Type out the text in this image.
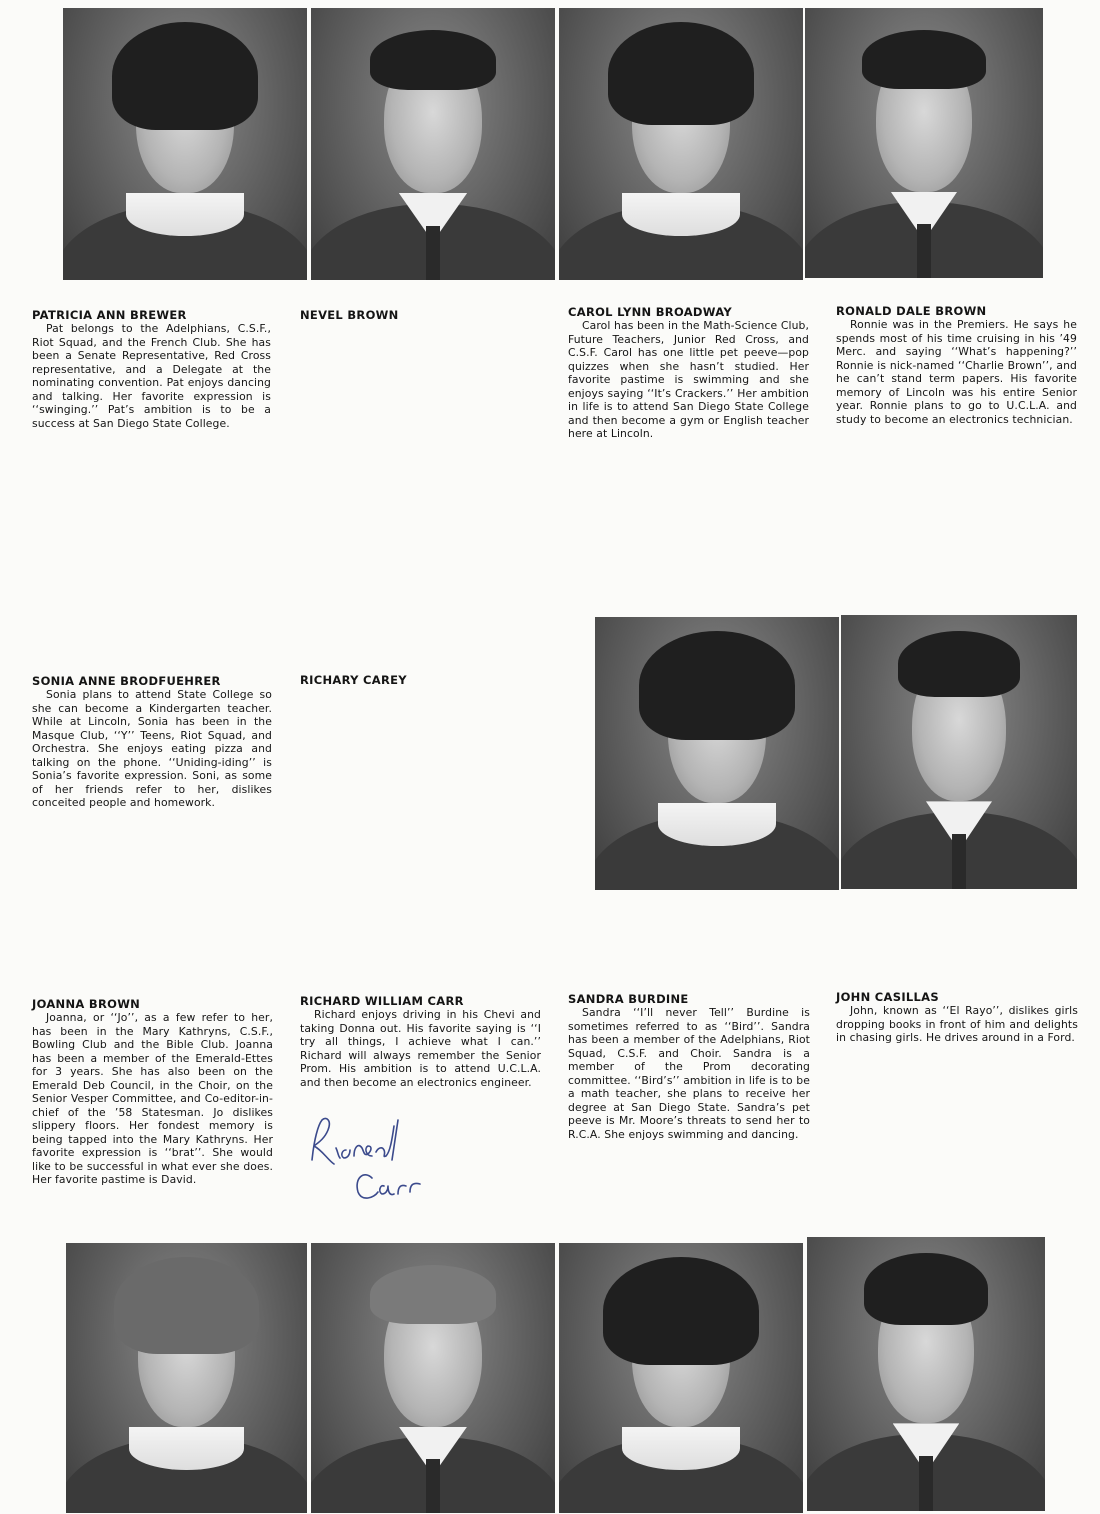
PATRICIA ANN BREWER

Pat belongs to the Adelphians, C.S.F., Riot Squad, and the French Club. She has been a Senate Representative, Red Cross representative, and a Delegate at the nominating convention. Pat enjoys dancing and talking. Her favorite expression is ‘‘swinging.’’ Pat’s ambition is to be a success at San Diego State College.

NEVEL BROWN	CAROL LYNN BROADWAY

Carol has been in the Math-Science Club, Future Teachers, Junior Red Cross, and C.S.F. Carol has one little pet peeve—pop quizzes when she hasn’t studied. Her favorite pastime is swimming and she enjoys saying ‘‘It’s Crackers.’’ Her ambition in life is to attend San Diego State College and then become a gym or English teacher here at Lincoln.

RONALD DALE BROWN

Ronnie was in the Premiers. He says he spends most of his time cruising in his ’49 Merc. and saying ‘‘What’s happening?’’ Ronnie is nick-named ‘‘Charlie Brown’’, and he can’t stand term papers. His favorite memory of Lincoln was his entire Senior year. Ronnie plans to go to U.C.L.A. and study to become an electronics technician.

SONIA ANNE BRODFUEHRER

Sonia plans to attend State College so she can become a Kindergarten teacher. While at Lincoln, Sonia has been in the Masque Club, ‘‘Y’’ Teens, Riot Squad, and Orchestra. She enjoys eating pizza and talking on the phone. ‘‘Uniding-iding’’ is Sonia’s favorite expression. Soni, as some of her friends refer to her, dislikes conceited people and homework.

RICHARY CAREY
JOANNA BROWN

Joanna, or ‘‘Jo’’, as a few refer to her, has been in the Mary Kathryns, C.S.F., Bowling Club and the Bible Club. Joanna has been a member of the Emerald-Ettes for 3 years. She has also been on the Emerald Deb Council, in the Choir, on the Senior Vesper Committee, and Co-editor-in-chief of the ’58 Statesman. Jo dislikes slippery floors. Her fondest memory is being tapped into the Mary Kathryns. Her favorite expression is ‘‘brat’’. She would like to be successful in what ever she does. Her favorite pastime is David.

RICHARD WILLIAM CARR

Richard enjoys driving in his Chevi and taking Donna out. His favorite saying is ‘‘I try all things, I achieve what I can.’’ Richard will always remember the Senior Prom. His ambition is to attend U.C.L.A. and then become an electronics engineer.

SANDRA BURDINE

Sandra ‘‘I’ll never Tell’’ Burdine is sometimes referred to as ‘‘Bird’’. Sandra has been a member of the Adelphians, Riot Squad, C.S.F. and Choir. Sandra is a member of the Prom decorating committee. ‘‘Bird’s’’ ambition in life is to be a math teacher, she plans to receive her degree at San Diego State. Sandra’s pet peeve is Mr. Moore’s threats to send her to R.C.A. She enjoys swimming and dancing.

JOHN CASILLAS

John, known as ‘‘El Rayo’’, dislikes girls dropping books in front of him and delights in chasing girls. He drives around in a Ford.
